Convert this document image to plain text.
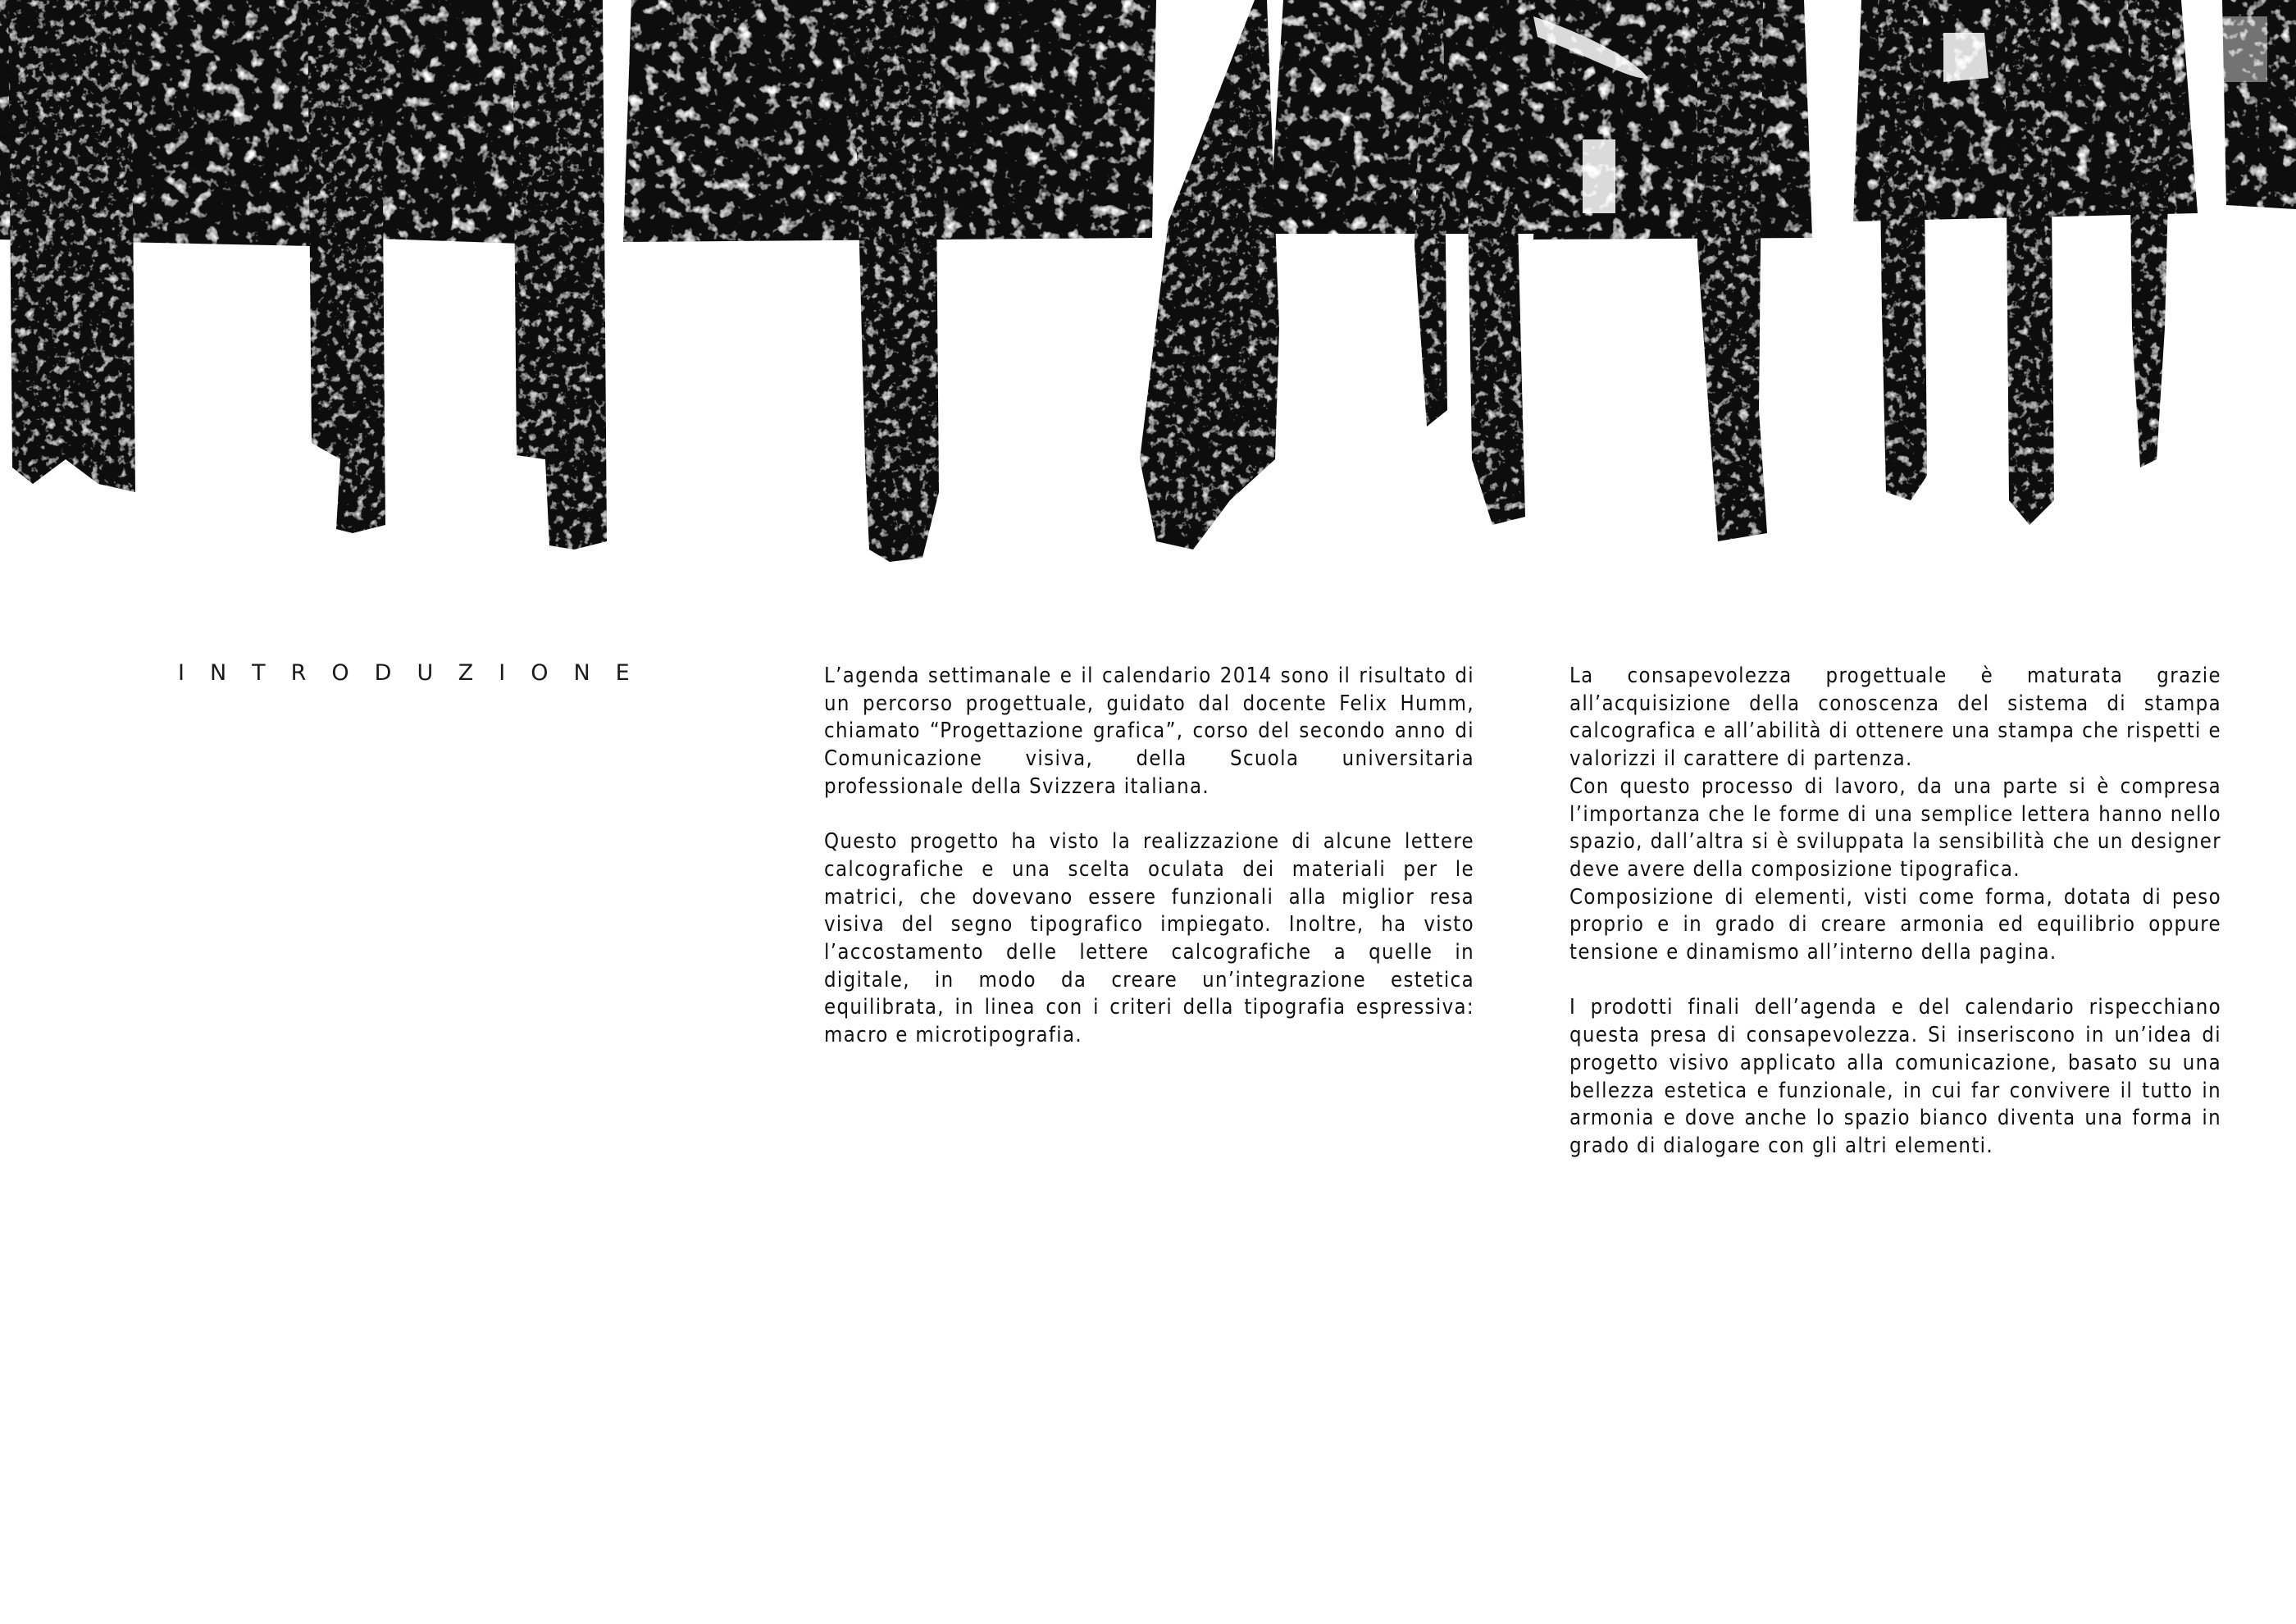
INTRODUZIONE	L’agenda settimanale e il calendario 2014 sono il risultato di un percorso progettuale, guidato dal docente Felix Humm, chiamato “Progettazione grafica”, corso del secondo anno di Comunicazione visiva, della Scuola universitaria professionale della Svizzera italiana.

Questo progetto ha visto la realizzazione di alcune lettere calcografiche e una scelta oculata dei materiali per le matrici, che dovevano essere funzionali alla miglior resa visiva del segno tipografico impiegato. Inoltre, ha visto l’accostamento delle lettere calcografiche a quelle in digitale, in modo da creare un’integrazione estetica equilibrata, in linea con i criteri della tipografia espressiva: macro e microtipografia.

La consapevolezza progettuale è maturata grazie all’acquisizione della conoscenza del sistema di stampa calcografica e all’abilità di ottenere una stampa che rispetti e valorizzi il carattere di partenza.
Con questo processo di lavoro, da una parte si è compresa l’importanza che le forme di una semplice lettera hanno nello spazio, dall’altra si è sviluppata la sensibilità che un designer deve avere della composizione tipografica.
Composizione di elementi, visti come forma, dotata di peso proprio e in grado di creare armonia ed equilibrio oppure tensione e dinamismo all’interno della pagina.

I prodotti finali dell’agenda e del calendario rispecchiano questa presa di consapevolezza. Si inseriscono in un’idea di progetto visivo applicato alla comunicazione, basato su una bellezza estetica e funzionale, in cui far convivere il tutto in armonia e dove anche lo spazio bianco diventa una forma in grado di dialogare con gli altri elementi.
